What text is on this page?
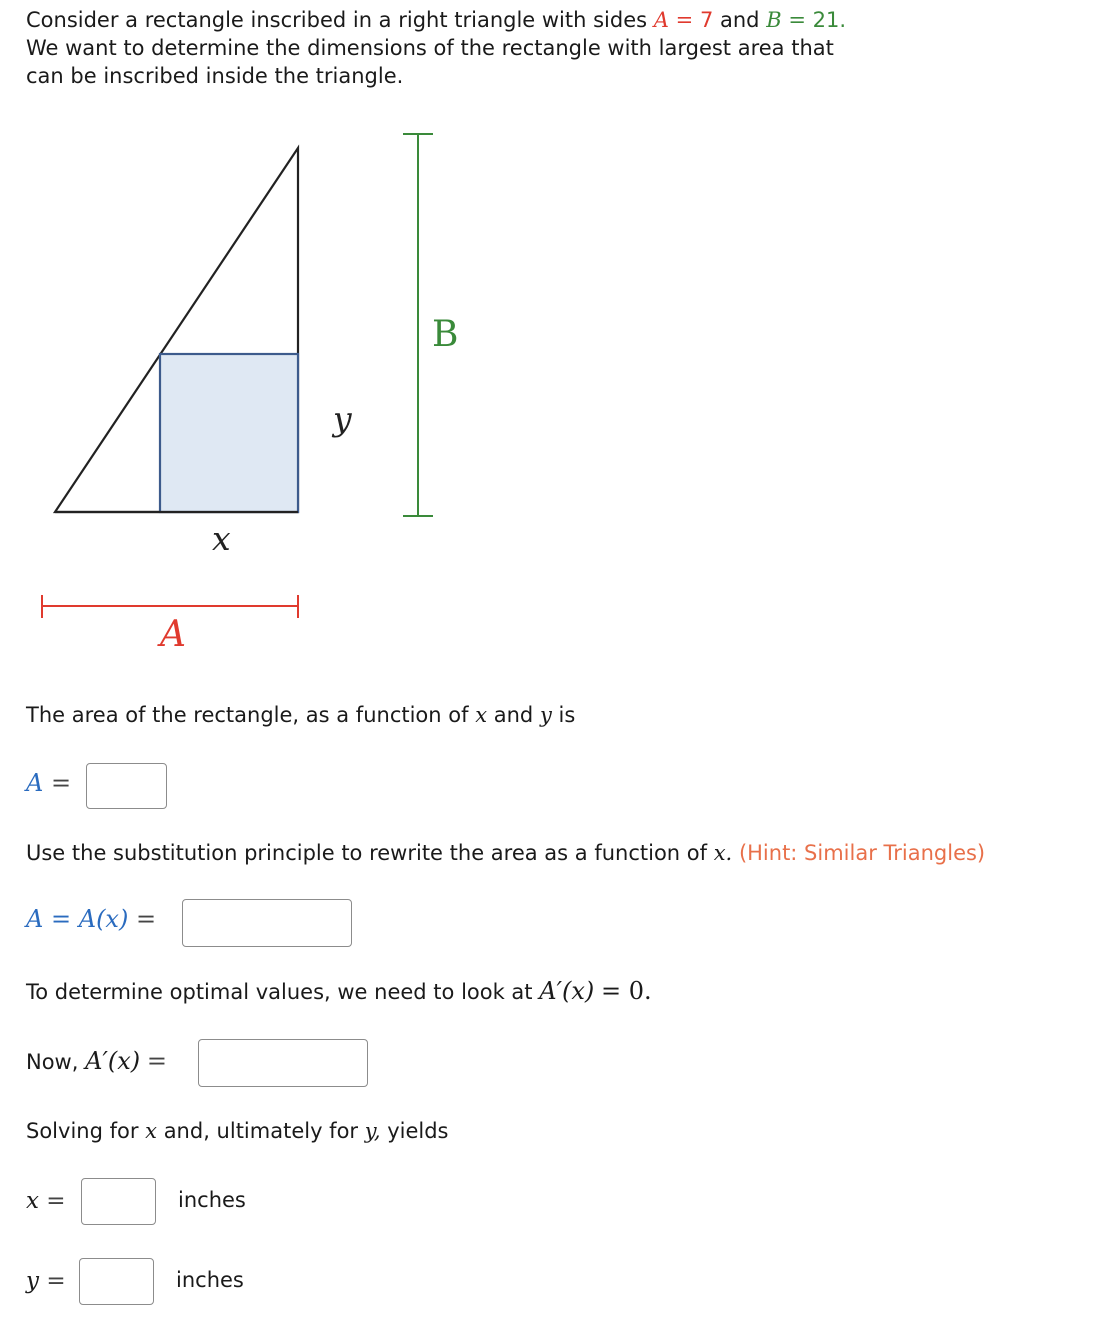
Consider a rectangle inscribed in a right triangle with sides A = 7 and B = 21.
We want to determine the dimensions of the rectangle with largest area that
can be inscribed inside the triangle.
B
y
x
A
The area of the rectangle, as a function of x and y is
A =
Use the substitution principle to rewrite the area as a function of x. (Hint: Similar Triangles)
A = A(x) =
To determine optimal values, we need to look at A′(x) = 0.
Now, A′(x) =
Solving for x and, ultimately for y, yields
x =	inches
y =	inches
